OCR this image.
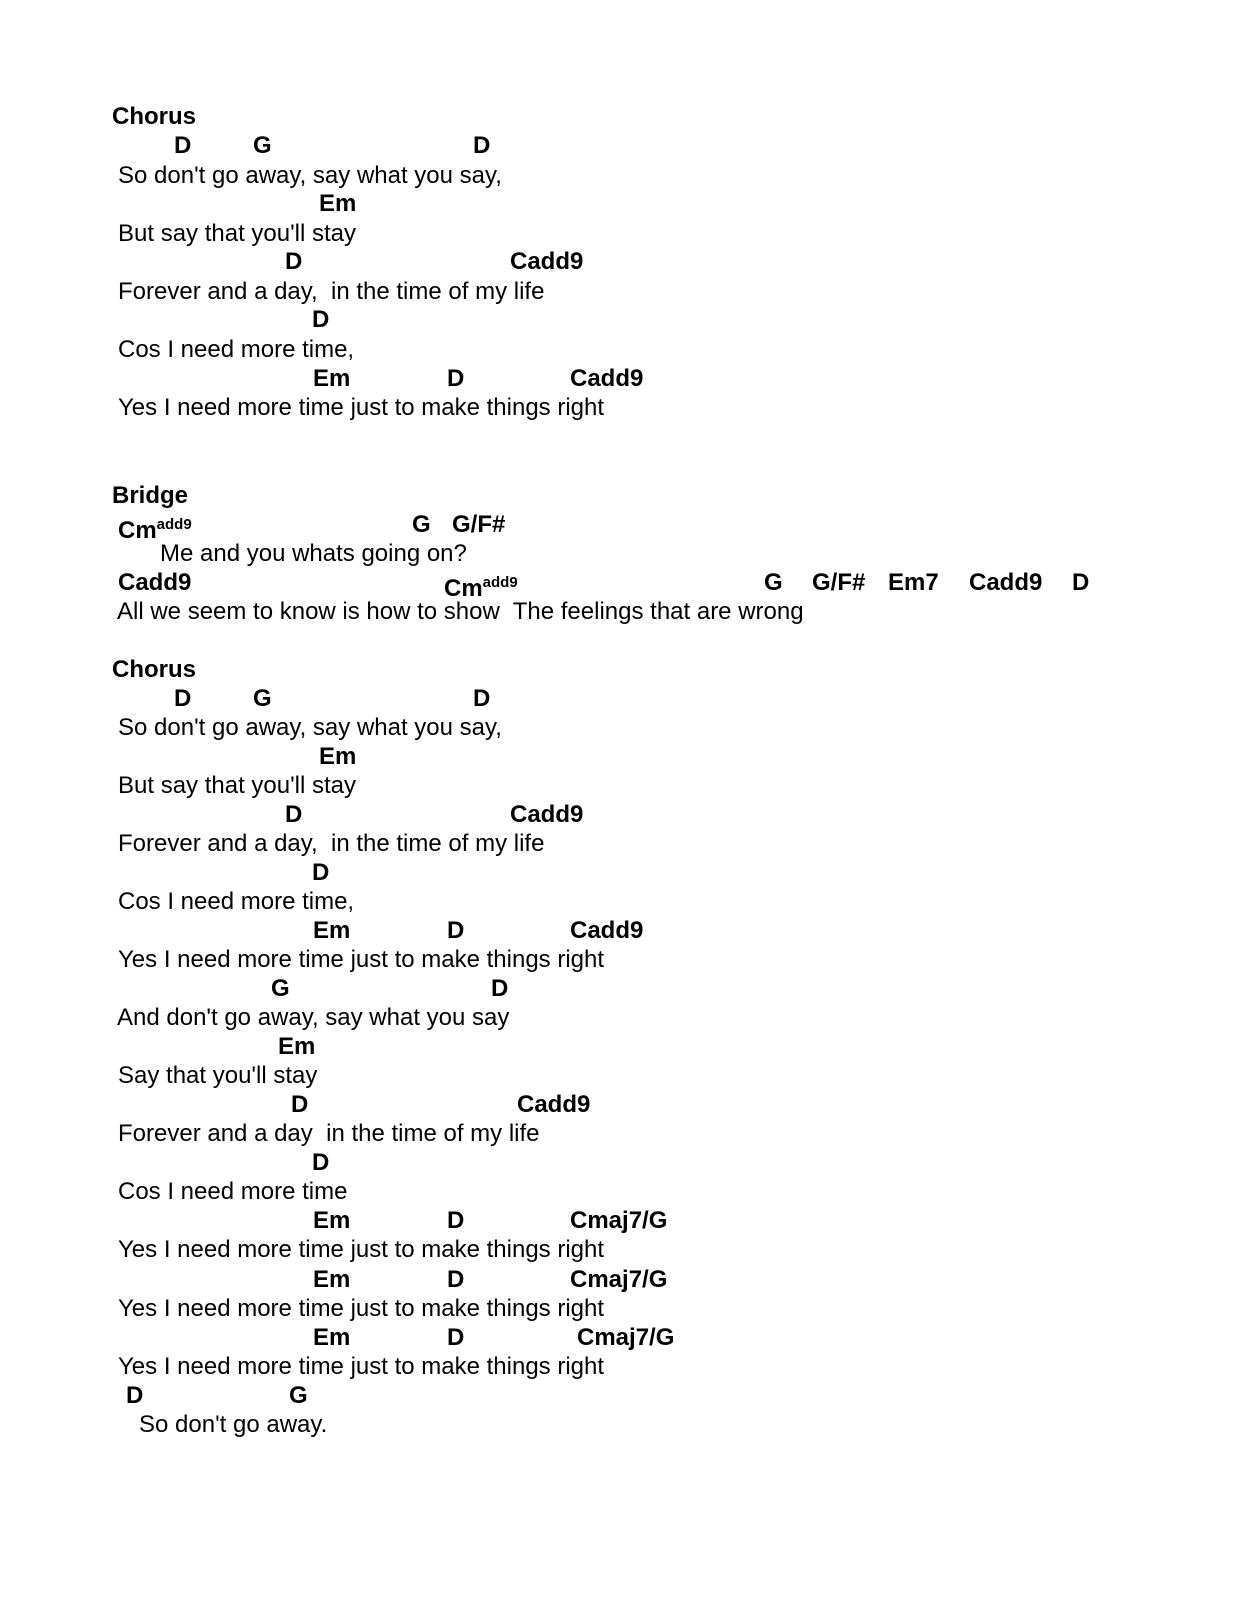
Chorus
D	G	D
So don't go away, say what you say,
Em
But say that you'll stay
D	Cadd9
Forever and a day,  in the time of my life
D
Cos I need more time,
Em	D	Cadd9
Yes I need more time just to make things right
Bridge
$Cm^{add9}$	G G/F#
Me and you whats going on?
Cadd9	$Cm^{add9}$	G G/F# Em7 Cadd9 D
All we seem to know is how to show  The feelings that are wrong
Chorus
D	G	D
So don't go away, say what you say,
Em
But say that you'll stay
D	Cadd9
Forever and a day,  in the time of my life
D
Cos I need more time,
Em	D	Cadd9
Yes I need more time just to make things right
G	D
And don't go away, say what you say
Em
Say that you'll stay
D	Cadd9
Forever and a day  in the time of my life
D
Cos I need more time
Em	D	Cmaj7/G
Yes I need more time just to make things right
Em	D	Cmaj7/G
Yes I need more time just to make things right
Em	D	Cmaj7/G
Yes I need more time just to make things right
D	G
So don't go away.
